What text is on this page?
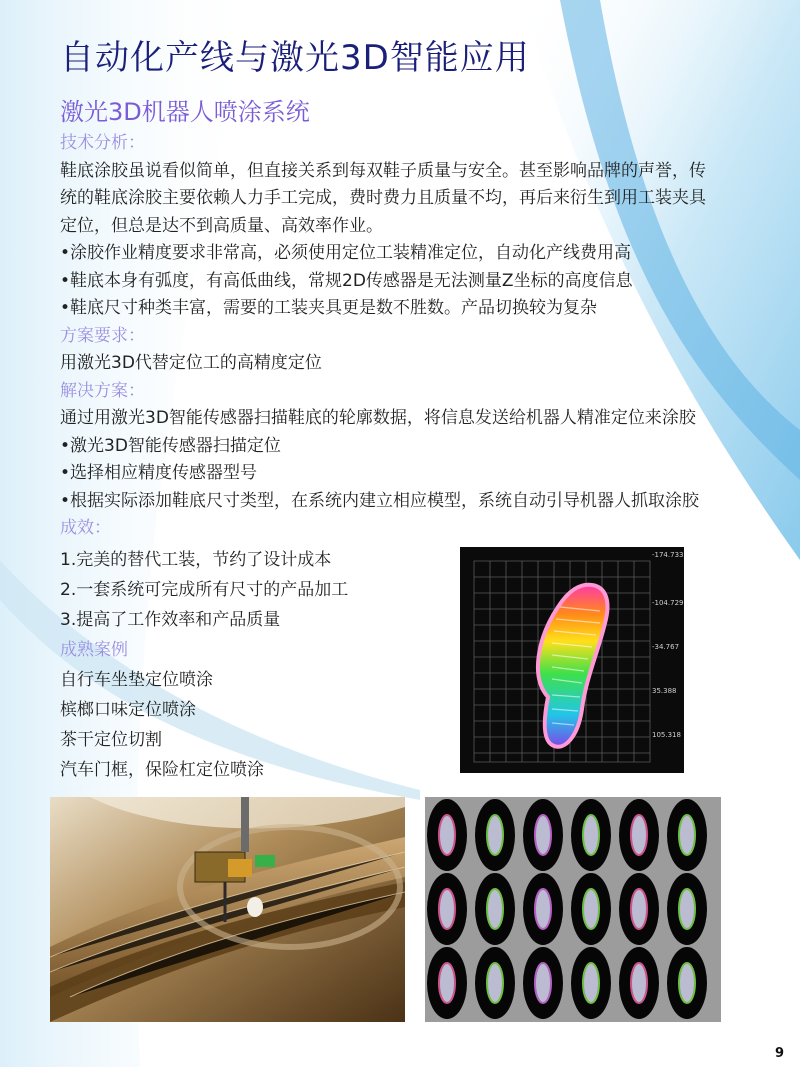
自动化产线与激光3D智能应用
激光3D机器人喷涂系统
技术分析：
鞋底涂胶虽说看似简单，但直接关系到每双鞋子质量与安全。甚至影响品牌的声誉，传
统的鞋底涂胶主要依赖人力手工完成，费时费力且质量不均，再后来衍生到用工装夹具
定位，但总是达不到高质量、高效率作业。
•涂胶作业精度要求非常高，必须使用定位工装精准定位，自动化产线费用高
•鞋底本身有弧度，有高低曲线，常规2D传感器是无法测量Z坐标的高度信息
•鞋底尺寸种类丰富，需要的工装夹具更是数不胜数。产品切换较为复杂
方案要求：
用激光3D代替定位工的高精度定位
解决方案：
通过用激光3D智能传感器扫描鞋底的轮廓数据，将信息发送给机器人精准定位来涂胶
•激光3D智能传感器扫描定位
•选择相应精度传感器型号
•根据实际添加鞋底尺寸类型，在系统内建立相应模型，系统自动引导机器人抓取涂胶
成效：
1.完美的替代工装，节约了设计成本
2.一套系统可完成所有尺寸的产品加工
3.提高了工作效率和产品质量
成熟案例
自行车坐垫定位喷涂
槟榔口味定位喷涂
茶干定位切割
汽车门框，保险杠定位喷涂
-174.733
-104.729
-34.767
35.388
105.318
9
